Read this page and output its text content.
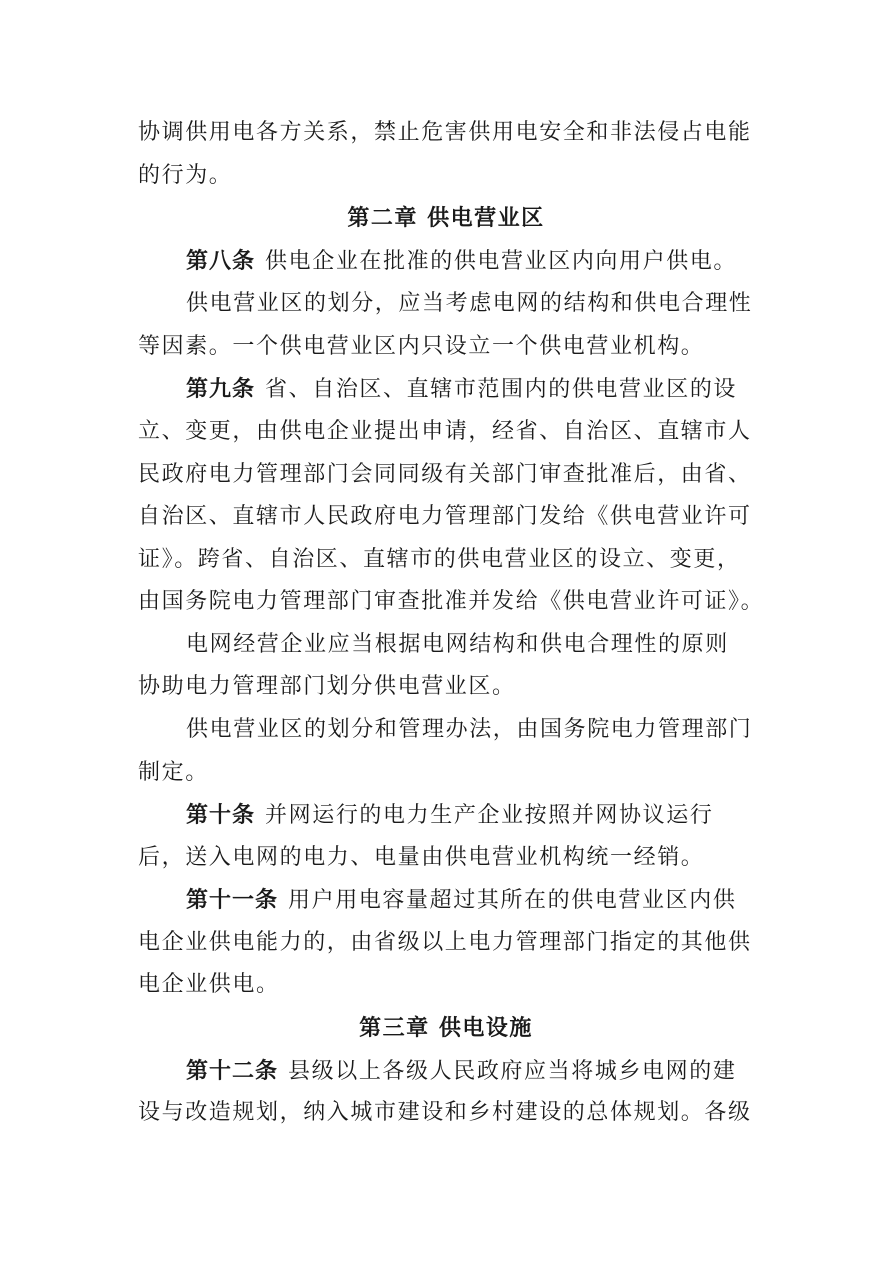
协调供用电各方关系，禁止危害供用电安全和非法侵占电能
的行为。
第二章 供电营业区
第八条 供电企业在批准的供电营业区内向用户供电。
供电营业区的划分，应当考虑电网的结构和供电合理性
等因素。一个供电营业区内只设立一个供电营业机构。
第九条 省、自治区、直辖市范围内的供电营业区的设
立、变更，由供电企业提出申请，经省、自治区、直辖市人
民政府电力管理部门会同同级有关部门审查批准后，由省、
自治区、直辖市人民政府电力管理部门发给《供电营业许可
证》。跨省、自治区、直辖市的供电营业区的设立、变更，
由国务院电力管理部门审查批准并发给《供电营业许可证》。
电网经营企业应当根据电网结构和供电合理性的原则
协助电力管理部门划分供电营业区。
供电营业区的划分和管理办法，由国务院电力管理部门
制定。
第十条 并网运行的电力生产企业按照并网协议运行
后，送入电网的电力、电量由供电营业机构统一经销。
第十一条 用户用电容量超过其所在的供电营业区内供
电企业供电能力的，由省级以上电力管理部门指定的其他供
电企业供电。
第三章 供电设施
第十二条 县级以上各级人民政府应当将城乡电网的建
设与改造规划，纳入城市建设和乡村建设的总体规划。各级
